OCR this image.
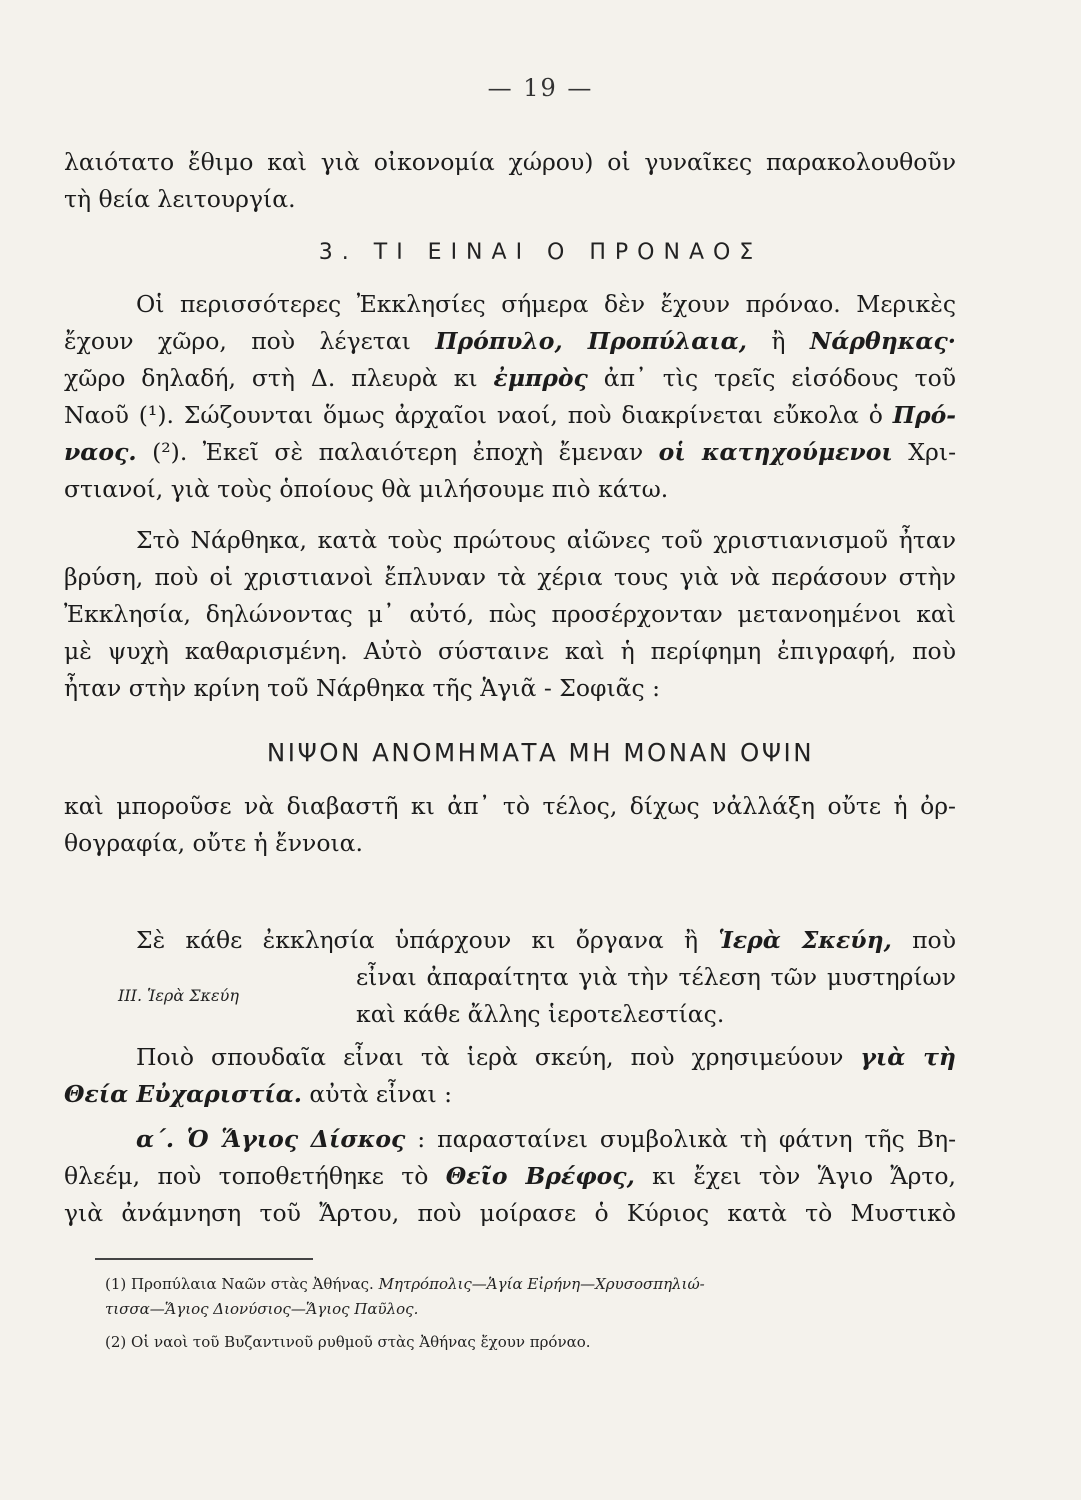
— 19 —
λαιότατο ἔθιμο καὶ γιὰ οἰκονομία χώρου) οἱ γυναῖκες παρακολουθοῦν
τὴ θεία λειτουργία.
3. ΤΙ ΕΙΝΑΙ Ο ΠΡΟΝΑΟΣ
Οἱ περισσότερες Ἐκκλησίες σήμερα δὲν ἔχουν πρόναο. Μερικὲς
ἔχουν χῶρο, ποὺ λέγεται Πρόπυλο, Προπύλαια, ἢ Νάρθηκας·
χῶρο δηλαδή, στὴ Δ. πλευρὰ κι ἐμπρὸς ἀπ᾽ τὶς τρεῖς εἰσόδους τοῦ
Ναοῦ (¹). Σώζουνται ὅμως ἀρχαῖοι ναοί, ποὺ διακρίνεται εὔκολα ὁ Πρό-
ναος. (²). Ἐκεῖ σὲ παλαιότερη ἐποχὴ ἔμεναν οἱ κατηχούμενοι Χρι-
στιανοί, γιὰ τοὺς ὁποίους θὰ μιλήσουμε πιὸ κάτω.
Στὸ Νάρθηκα, κατὰ τοὺς πρώτους αἰῶνες τοῦ χριστιανισμοῦ ἦταν
βρύση, ποὺ οἱ χριστιανοὶ ἔπλυναν τὰ χέρια τους γιὰ νὰ περάσουν στὴν
Ἐκκλησία, δηλώνοντας μ᾽ αὐτό, πὼς προσέρχονταν μετανοημένοι καὶ
μὲ ψυχὴ καθαρισμένη. Αὐτὸ σύσταινε καὶ ἡ περίφημη ἐπιγραφή, ποὺ
ἦταν στὴν κρίνη τοῦ Νάρθηκα τῆς Ἁγιᾶ - Σοφιᾶς :
ΝΙΨΟΝ ΑΝΟΜΗΜΑΤΑ ΜΗ ΜΟΝΑΝ ΟΨΙΝ
καὶ μποροῦσε νὰ διαβαστῆ κι ἀπ᾽ τὸ τέλος, δίχως νἀλλάξη οὔτε ἡ ὀρ-
θογραφία, οὔτε ἡ ἔννοια.
Σὲ κάθε ἐκκλησία ὑπάρχουν κι ὄργανα ἢ Ἱερὰ Σκεύη, ποὺ
εἶναι ἀπαραίτητα γιὰ τὴν τέλεση τῶν μυστηρίων
καὶ κάθε ἄλλης ἱεροτελεστίας.
ΙΙΙ. Ἱερὰ Σκεύη
Ποιὸ σπουδαῖα εἶναι τὰ ἱερὰ σκεύη, ποὺ χρησιμεύουν γιὰ τὴ
Θεία Εὐχαριστία. αὐτὰ εἶναι :
α΄. Ὁ Ἅγιος Δίσκος : παρασταίνει συμβολικὰ τὴ φάτνη τῆς Βη-
θλεέμ, ποὺ τοποθετήθηκε τὸ Θεῖο Βρέφος, κι ἔχει τὸν Ἅγιο Ἄρτο,
γιὰ ἀνάμνηση τοῦ Ἄρτου, ποὺ μοίρασε ὁ Κύριος κατὰ τὸ Μυστικὸ
(1) Προπύλαια Ναῶν στὰς Ἀθήνας. Μητρόπολις—Ἁγία Εἰρήνη—Χρυσοσπηλιώ-
τισσα—Ἅγιος Διονύσιος—Ἅγιος Παῦλος.
(2) Οἱ ναοὶ τοῦ Βυζαντινοῦ ρυθμοῦ στὰς Ἀθήνας ἔχουν πρόναο.
